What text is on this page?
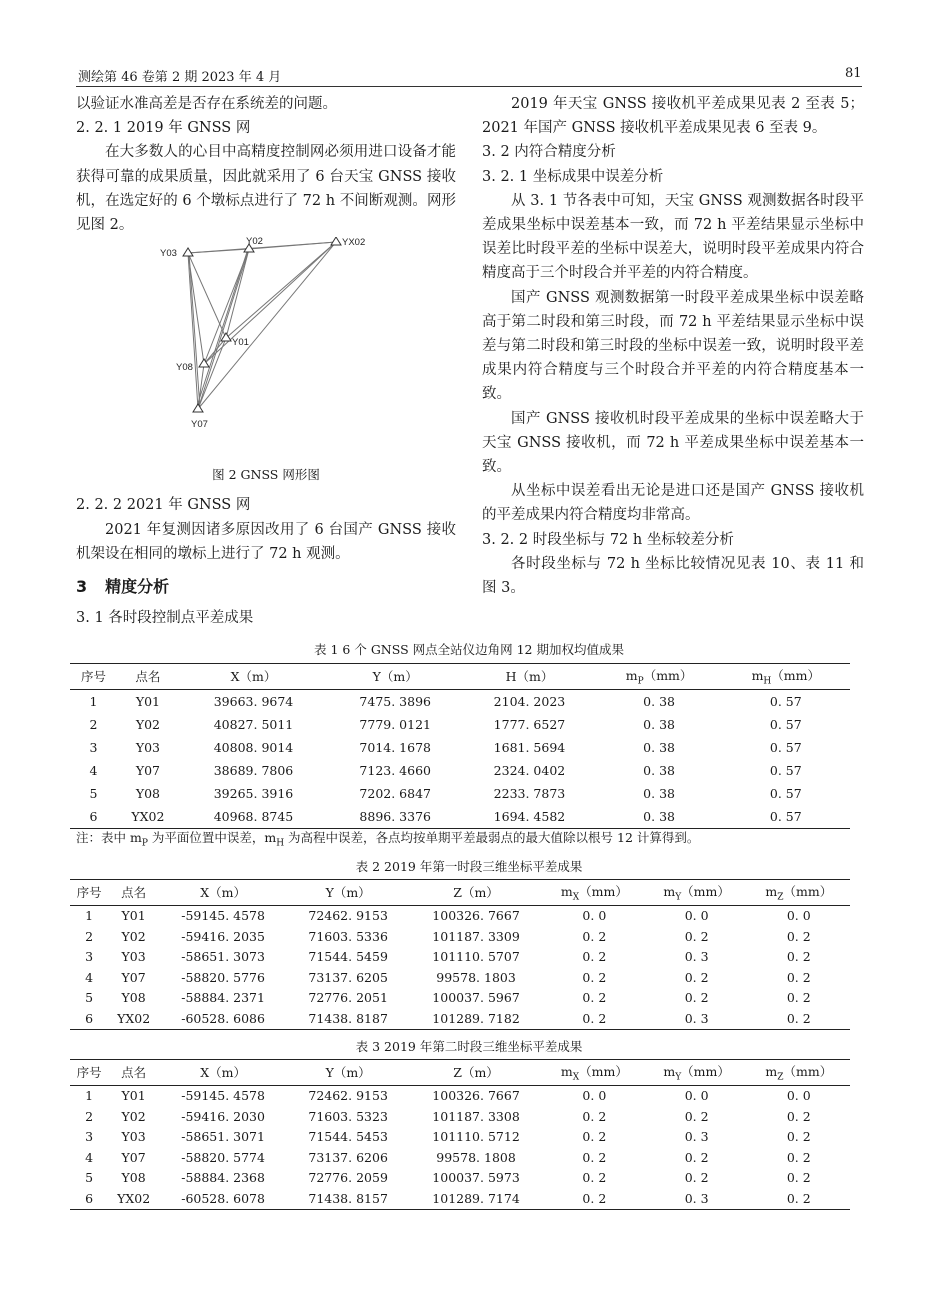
测绘第 46 卷第 2 期 2023 年 4 月	81

以验证水准高差是否存在系统差的问题。

2. 2. 1 2019 年 GNSS 网

在大多数人的心目中高精度控制网必须用进口设备才能获得可靠的成果质量，因此就采用了 6 台天宝 GNSS 接收机，在选定好的 6 个墩标点进行了 72 h 不间断观测。网形见图 2。

Y03
Y02	YX02
Y01
Y08
Y07
图 2 GNSS 网形图

2. 2. 2 2021 年 GNSS 网

2021 年复测因诸多原因改用了 6 台国产 GNSS 接收机架设在相同的墩标上进行了 72 h 观测。

3 精度分析

3. 1 各时段控制点平差成果

2019 年天宝 GNSS 接收机平差成果见表 2 至表 5；2021 年国产 GNSS 接收机平差成果见表 6 至表 9。

3. 2 内符合精度分析

3. 2. 1 坐标成果中误差分析

从 3. 1 节各表中可知，天宝 GNSS 观测数据各时段平差成果坐标中误差基本一致，而 72 h 平差结果显示坐标中误差比时段平差的坐标中误差大，说明时段平差成果内符合精度高于三个时段合并平差的内符合精度。

国产 GNSS 观测数据第一时段平差成果坐标中误差略高于第二时段和第三时段，而 72 h 平差结果显示坐标中误差与第二时段和第三时段的坐标中误差一致，说明时段平差成果内符合精度与三个时段合并平差的内符合精度基本一致。

国产 GNSS 接收机时段平差成果的坐标中误差略大于天宝 GNSS 接收机，而 72 h 平差成果坐标中误差基本一致。

从坐标中误差看出无论是进口还是国产 GNSS 接收机的平差成果内符合精度均非常高。

3. 2. 2 时段坐标与 72 h 坐标较差分析

各时段坐标与 72 h 坐标比较情况见表 10、表 11 和图 3。

表 1 6 个 GNSS 网点全站仪边角网 12 期加权均值成果
序号	点名	X（m）	Y（m）	H（m）	$m_P(mm)$	$m_H(mm)$
1	Y01	39663. 9674	7475. 3896	2104. 2023	0. 38	0. 57
2	Y02	40827. 5011	7779. 0121	1777. 6527	0. 38	0. 57
3	Y03	40808. 9014	7014. 1678	1681. 5694	0. 38	0. 57
4	Y07	38689. 7806	7123. 4660	2324. 0402	0. 38	0. 57
5	Y08	39265. 3916	7202. 6847	2233. 7873	0. 38	0. 57
6	YX02	40968. 8745	8896. 3376	1694. 4582	0. 38	0. 57
注：表中 $m_P$ 为平面位置中误差，$m_H$ 为高程中误差，各点均按单期平差最弱点的最大值除以根号 12 计算得到。
表 2 2019 年第一时段三维坐标平差成果
序号	点名	X（m）	Y（m）	Z（m）	$m_X(mm)$	$m_Y(mm)$	$m_Z(mm)$
1	Y01	-59145. 4578	72462. 9153	100326. 7667	0. 0	0. 0	0. 0
2	Y02	-59416. 2035	71603. 5336	101187. 3309	0. 2	0. 2	0. 2
3	Y03	-58651. 3073	71544. 5459	101110. 5707	0. 2	0. 3	0. 2
4	Y07	-58820. 5776	73137. 6205	99578. 1803	0. 2	0. 2	0. 2
5	Y08	-58884. 2371	72776. 2051	100037. 5967	0. 2	0. 2	0. 2
6	YX02	-60528. 6086	71438. 8187	101289. 7182	0. 2	0. 3	0. 2
表 3 2019 年第二时段三维坐标平差成果
序号	点名	X（m）	Y（m）	Z（m）	$m_X(mm)$	$m_Y(mm)$	$m_Z(mm)$
1	Y01	-59145. 4578	72462. 9153	100326. 7667	0. 0	0. 0	0. 0
2	Y02	-59416. 2030	71603. 5323	101187. 3308	0. 2	0. 2	0. 2
3	Y03	-58651. 3071	71544. 5453	101110. 5712	0. 2	0. 3	0. 2
4	Y07	-58820. 5774	73137. 6206	99578. 1808	0. 2	0. 2	0. 2
5	Y08	-58884. 2368	72776. 2059	100037. 5973	0. 2	0. 2	0. 2
6	YX02	-60528. 6078	71438. 8157	101289. 7174	0. 2	0. 3	0. 2
